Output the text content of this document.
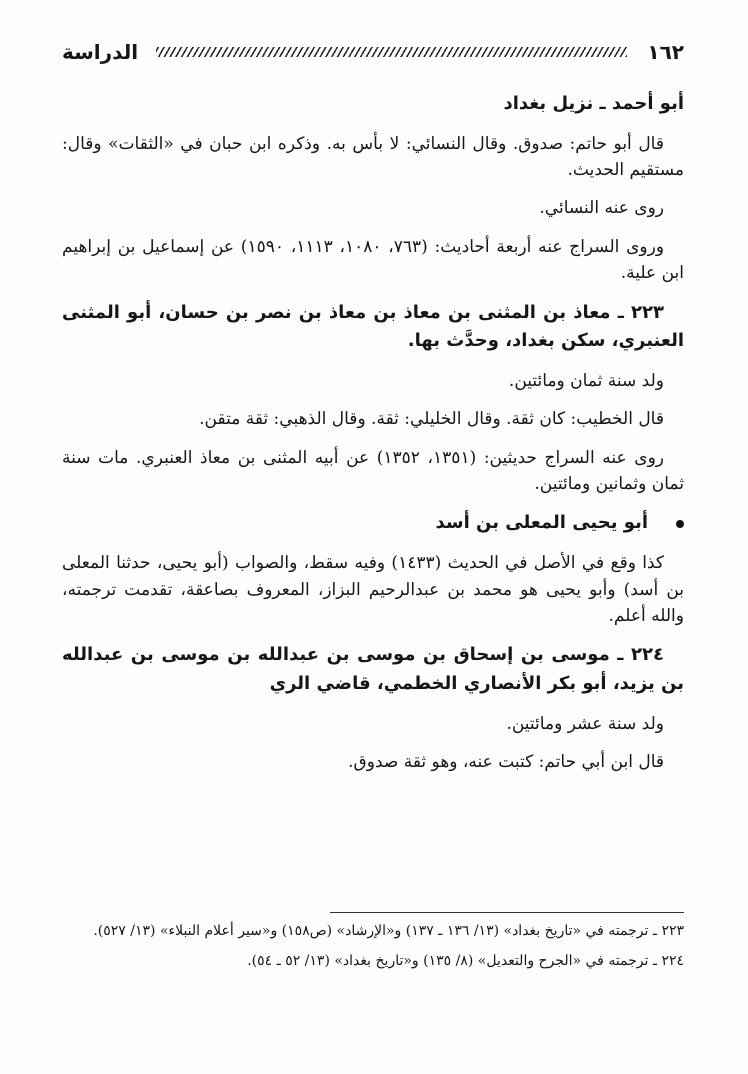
١٦٢
الدراسة
أبو أحمد ـ نزيل بغداد

قال أبو حاتم: صدوق. وقال النسائي: لا بأس به. وذكره ابن حبان في «الثقات» وقال: مستقيم الحديث.

روى عنه النسائي.

وروى السراج عنه أربعة أحاديث: (٧٦٣، ١٠٨٠، ١١١٣، ١٥٩٠) عن إسماعيل بن إبراهيم ابن علية.

٢٢٣ ـ معاذ بن المثنى بن معاذ بن معاذ بن نصر بن حسان، أبو المثنى العنبري، سكن بغداد، وحدَّث بها.

ولد سنة ثمان ومائتين.

قال الخطيب: كان ثقة. وقال الخليلي: ثقة. وقال الذهبي: ثقة متقن.

روى عنه السراج حديثين: (١٣٥١، ١٣٥٢) عن أبيه المثنى بن معاذ العنبري. مات سنة ثمان وثمانين ومائتين.

أبو يحيى المعلى بن أسد

كذا وقع في الأصل في الحديث (١٤٣٣) وفيه سقط، والصواب (أبو يحيى، حدثنا المعلى بن أسد) وأبو يحيى هو محمد بن عبدالرحيم البزاز، المعروف بصاعقة، تقدمت ترجمته، والله أعلم.

٢٢٤ ـ موسى بن إسحاق بن موسى بن عبدالله بن موسى بن عبدالله بن يزيد، أبو بكر الأنصاري الخطمي، قاضي الري

ولد سنة عشر ومائتين.

قال ابن أبي حاتم: كتبت عنه، وهو ثقة صدوق.

٢٢٣ ـ ترجمته في «تاريخ بغداد» (١٣/ ١٣٦ ـ ١٣٧) و«الإرشاد» (ص١٥٨) و«سير أعلام النبلاء» (١٣/ ٥٢٧).

٢٢٤ ـ ترجمته في «الجرح والتعديل» (٨/ ١٣٥) و«تاريخ بغداد» (١٣/ ٥٢ ـ ٥٤).
